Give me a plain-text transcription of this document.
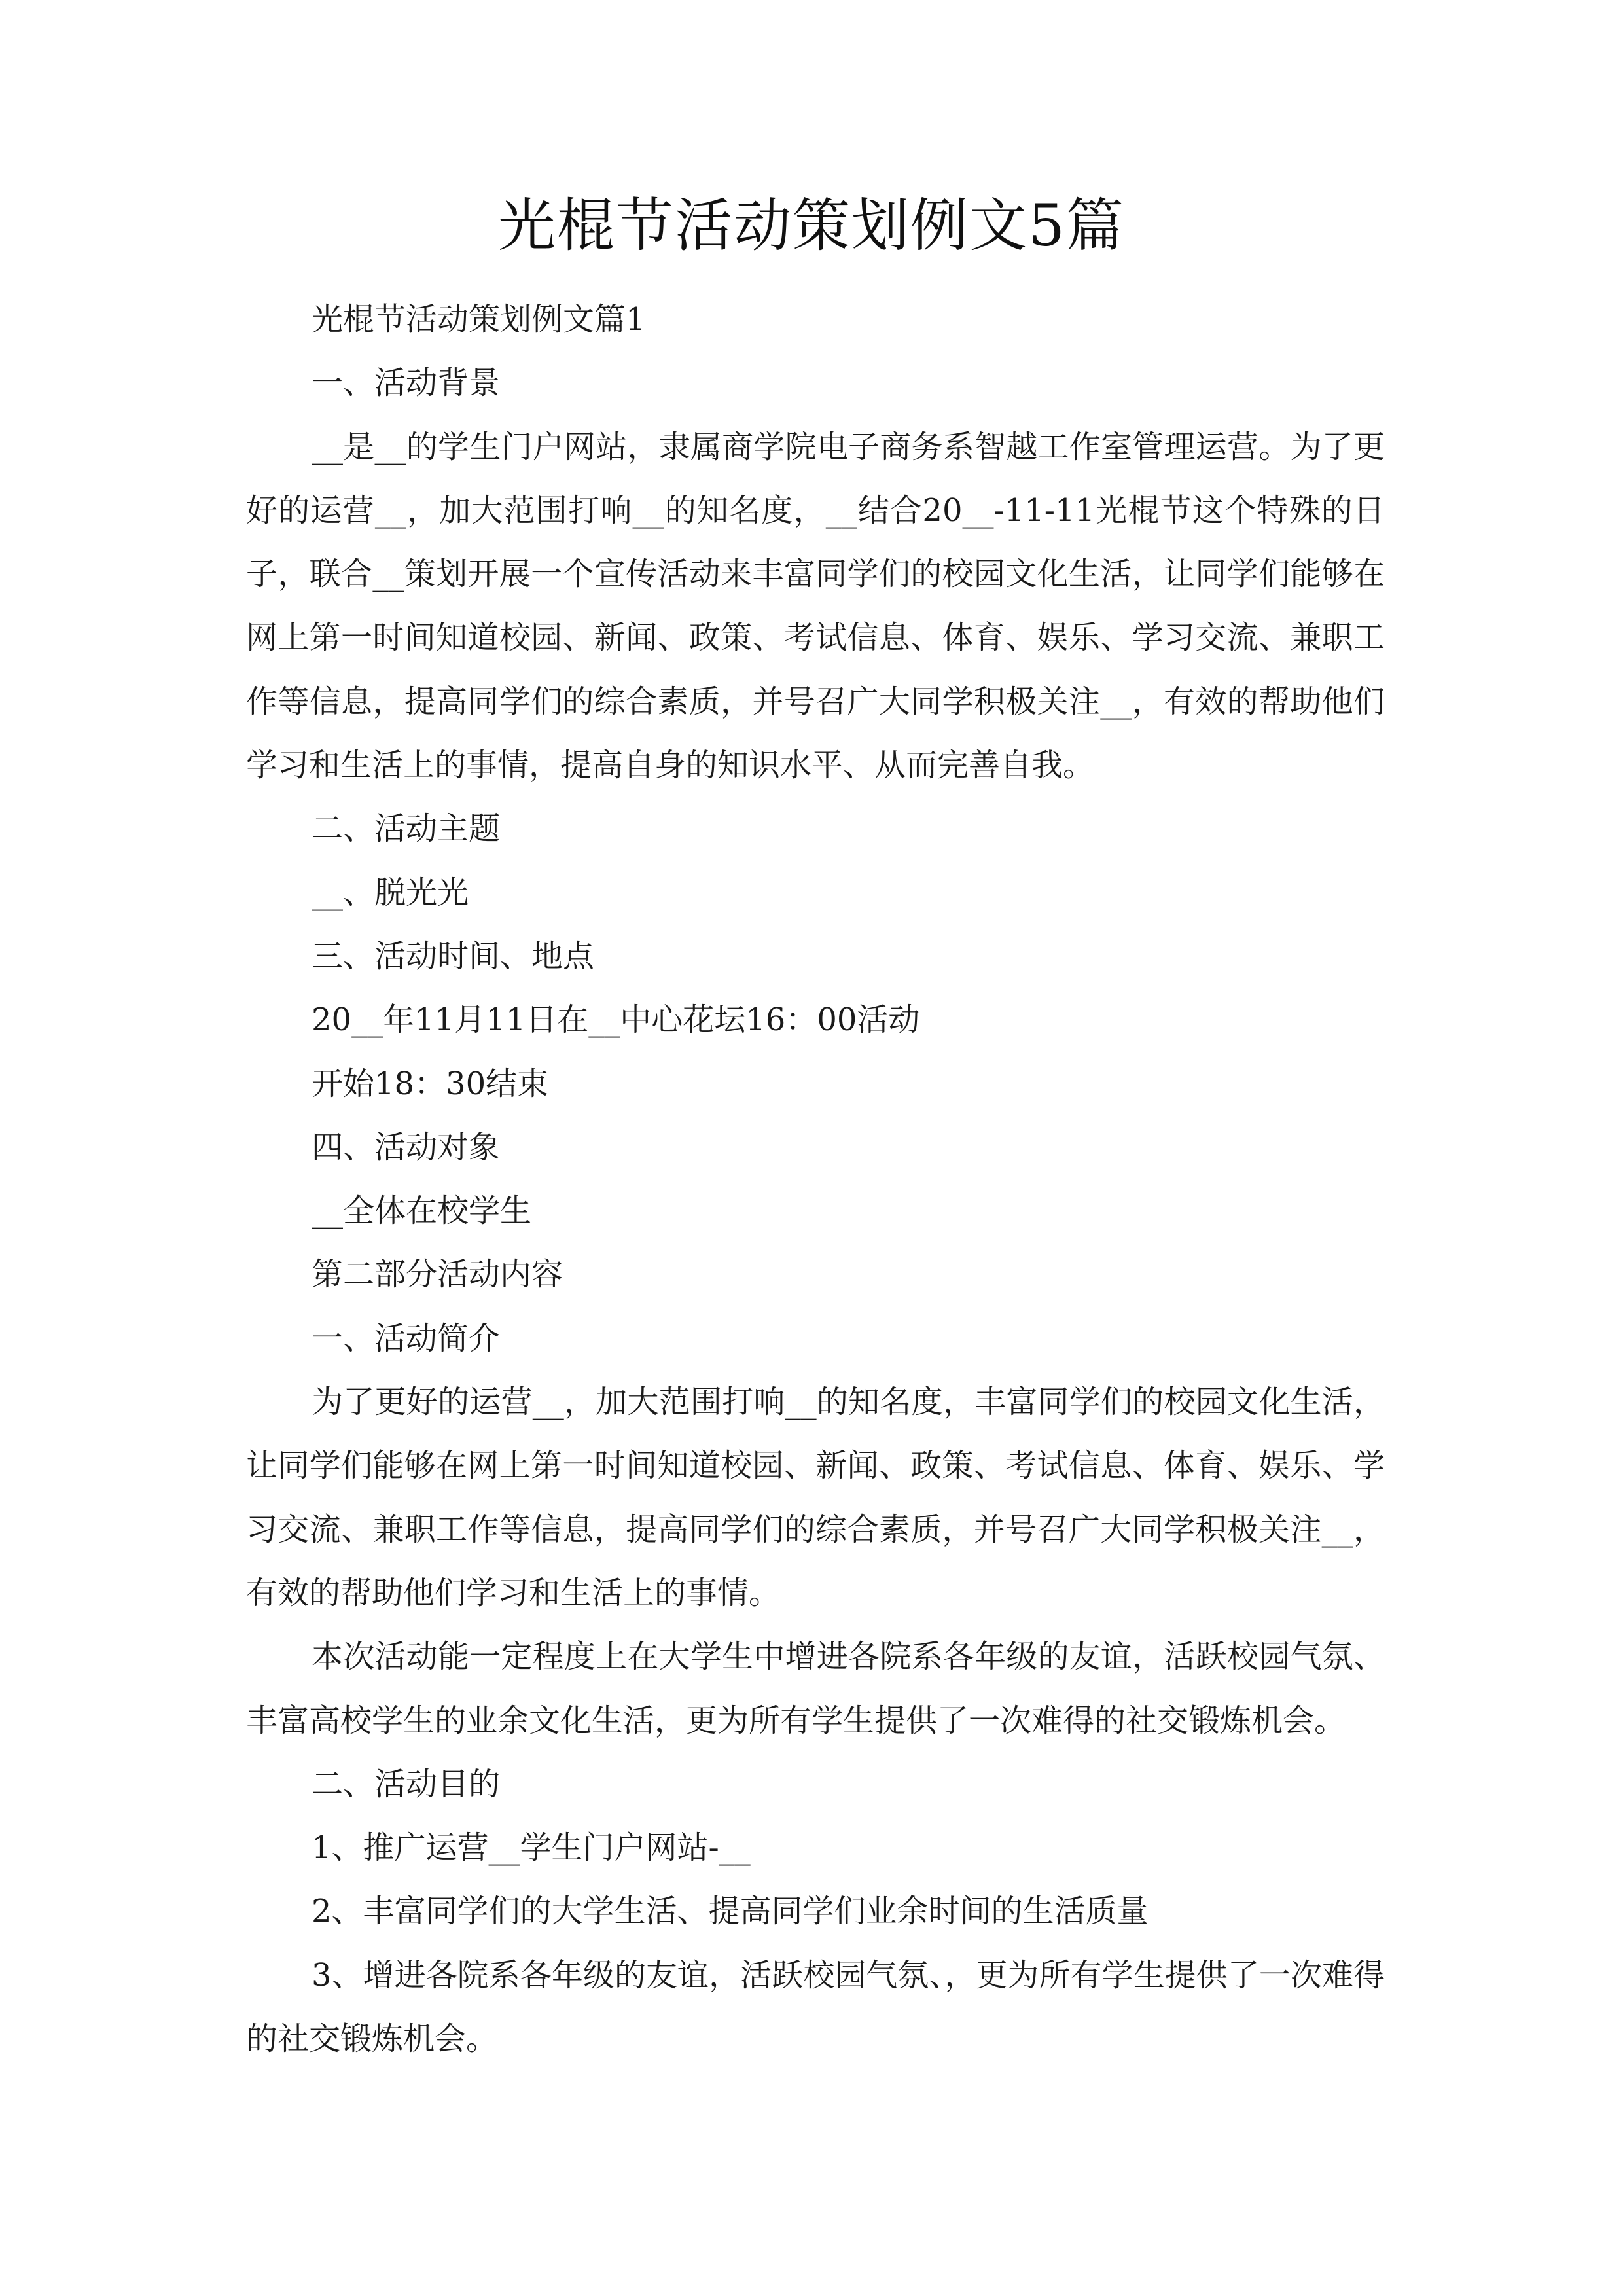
光棍节活动策划例文5篇

光棍节活动策划例文篇1

一、活动背景

__是__的学生门户网站，隶属商学院电子商务系智越工作室管理运营。为了更好的运营__，加大范围打响__的知名度，__结合20__-11-11光棍节这个特殊的日子，联合__策划开展一个宣传活动来丰富同学们的校园文化生活，让同学们能够在网上第一时间知道校园、新闻、政策、考试信息、体育、娱乐、学习交流、兼职工作等信息，提高同学们的综合素质，并号召广大同学积极关注__，有效的帮助他们学习和生活上的事情，提高自身的知识水平、从而完善自我。

二、活动主题

__、脱光光

三、活动时间、地点

20__年11月11日在__中心花坛16：00活动

开始18：30结束

四、活动对象

__全体在校学生

第二部分活动内容

一、活动简介

为了更好的运营__，加大范围打响__的知名度，丰富同学们的校园文化生活，让同学们能够在网上第一时间知道校园、新闻、政策、考试信息、体育、娱乐、学习交流、兼职工作等信息，提高同学们的综合素质，并号召广大同学积极关注__，有效的帮助他们学习和生活上的事情。

本次活动能一定程度上在大学生中增进各院系各年级的友谊，活跃校园气氛、丰富高校学生的业余文化生活，更为所有学生提供了一次难得的社交锻炼机会。

二、活动目的

1、推广运营__学生门户网站-__

2、丰富同学们的大学生活、提高同学们业余时间的生活质量

3、增进各院系各年级的友谊，活跃校园气氛、，更为所有学生提供了一次难得的社交锻炼机会。
